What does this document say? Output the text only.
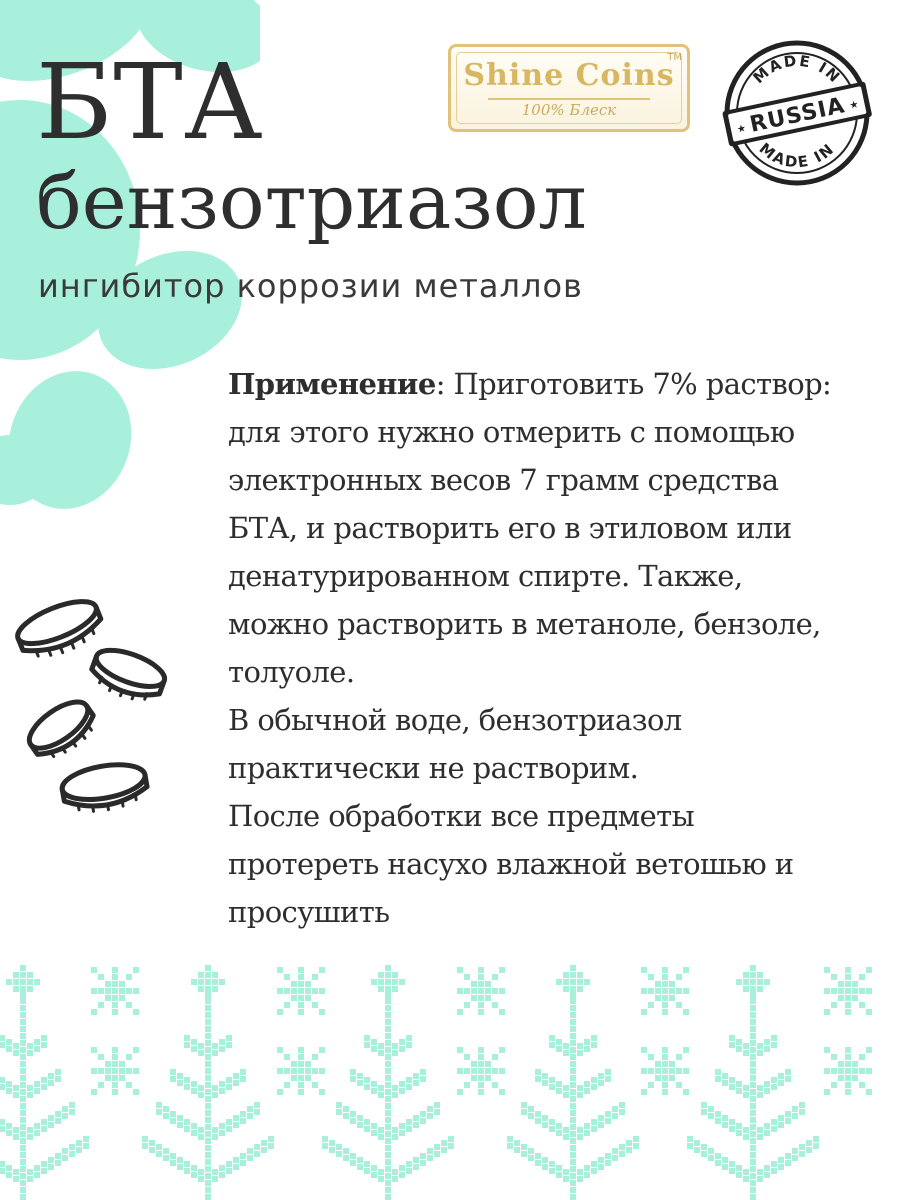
БТА
бензотриазол

ингибитор коррозии металлов

Shine Coins
TM
100% Блеск
MADE IN
MADE IN
RUSSIA
★
★
Применение: Приготовить 7% раствор:
для этого нужно отмерить с помощью
электронных весов 7 грамм средства
БТА, и растворить его в этиловом или
денатурированном спирте. Также,
можно растворить в метаноле, бензоле,
толуоле.
В обычной воде, бензотриазол
практически не растворим.
После обработки все предметы
протереть насухо влажной ветошью и
просушить
